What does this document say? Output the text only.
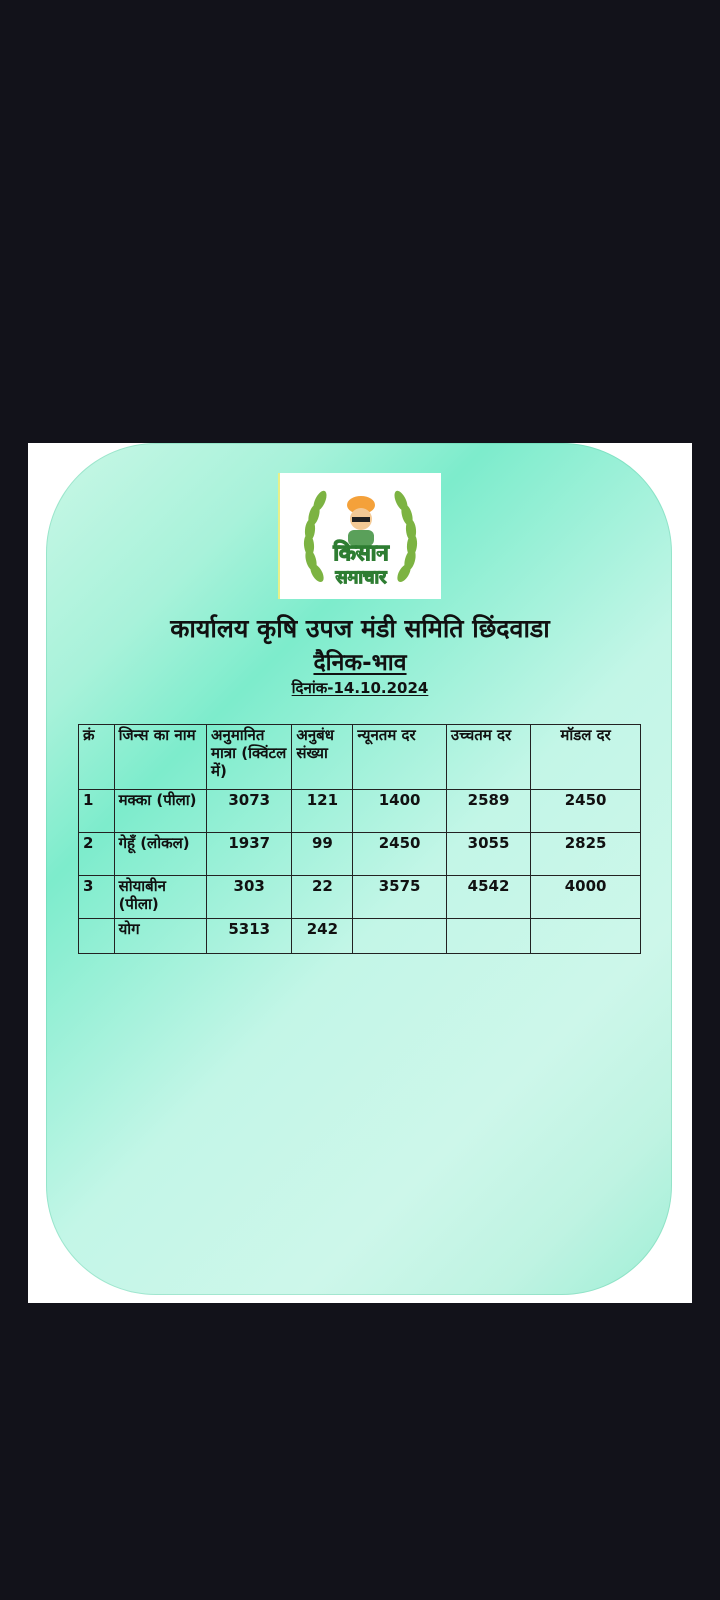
किसान
समाचार
कार्यालय कृषि उपज मंडी समिति छिंदवाडा
दैनिक-भाव
दिनांक-14.10.2024
क्रं	जिन्स का नाम	अनुमानित मात्रा (क्विंटल में)	अनुबंध संख्या	न्यूनतम दर	उच्चतम दर	मॉडल दर
1	मक्का (पीला)	3073	121	1400	2589	2450
2	गेहूँ (लोकल)	1937	99	2450	3055	2825
3	सोयाबीन (पीला)	303	22	3575	4542	4000
	योग	5313	242			
